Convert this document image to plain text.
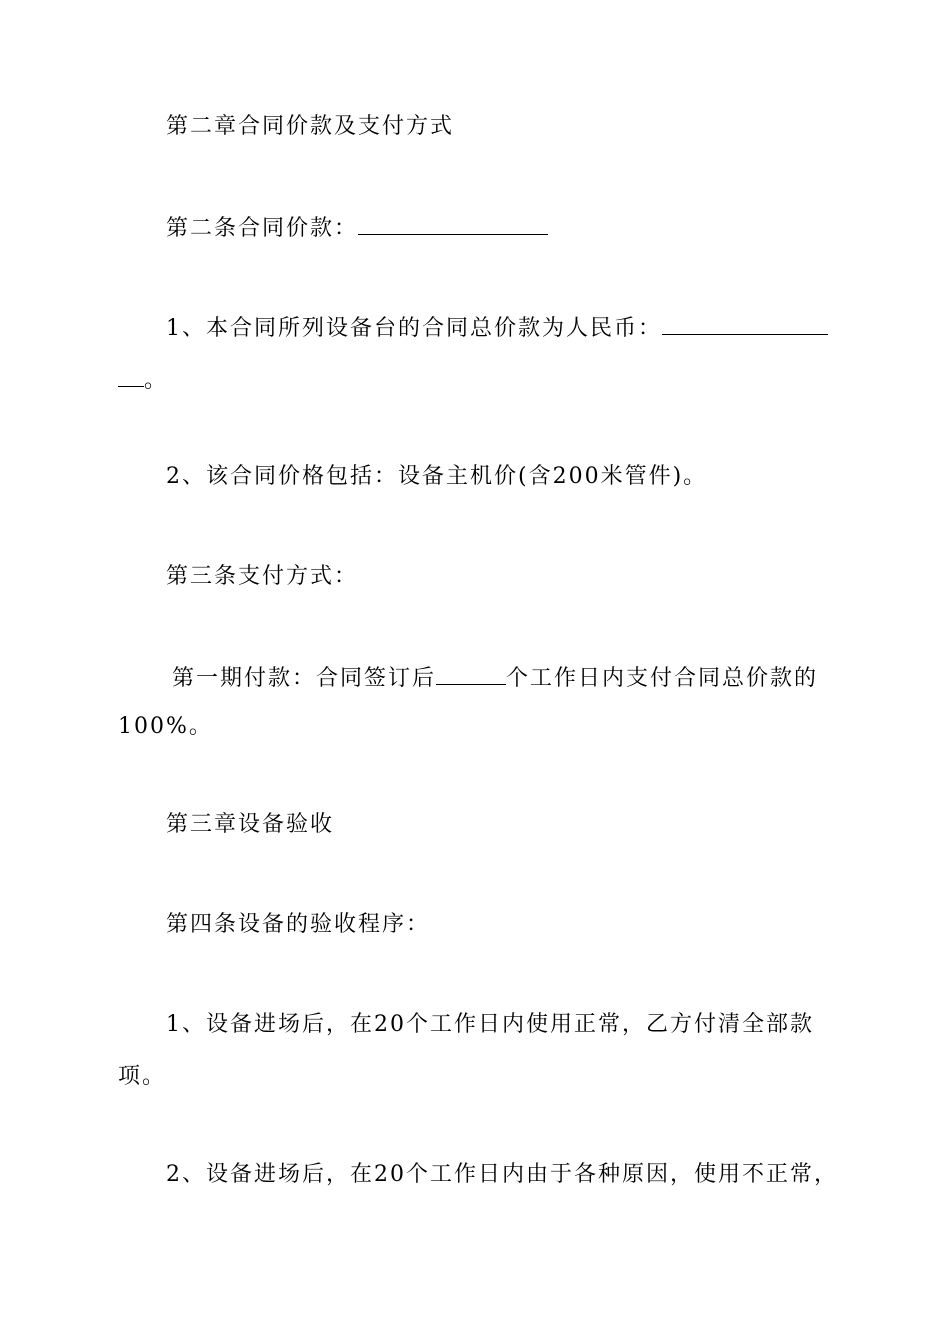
第二章合同价款及支付方式
第二条合同价款：
1、本合同所列设备台的合同总价款为人民币：
。
2、该合同价格包括：设备主机价(含200米管件)。
第三条支付方式：
第一期付款：合同签订后	个工作日内支付合同总价款的
100%。
第三章设备验收
第四条设备的验收程序：
1、设备进场后，在20个工作日内使用正常，乙方付清全部款
项。
2、设备进场后，在20个工作日内由于各种原因，使用不正常，
